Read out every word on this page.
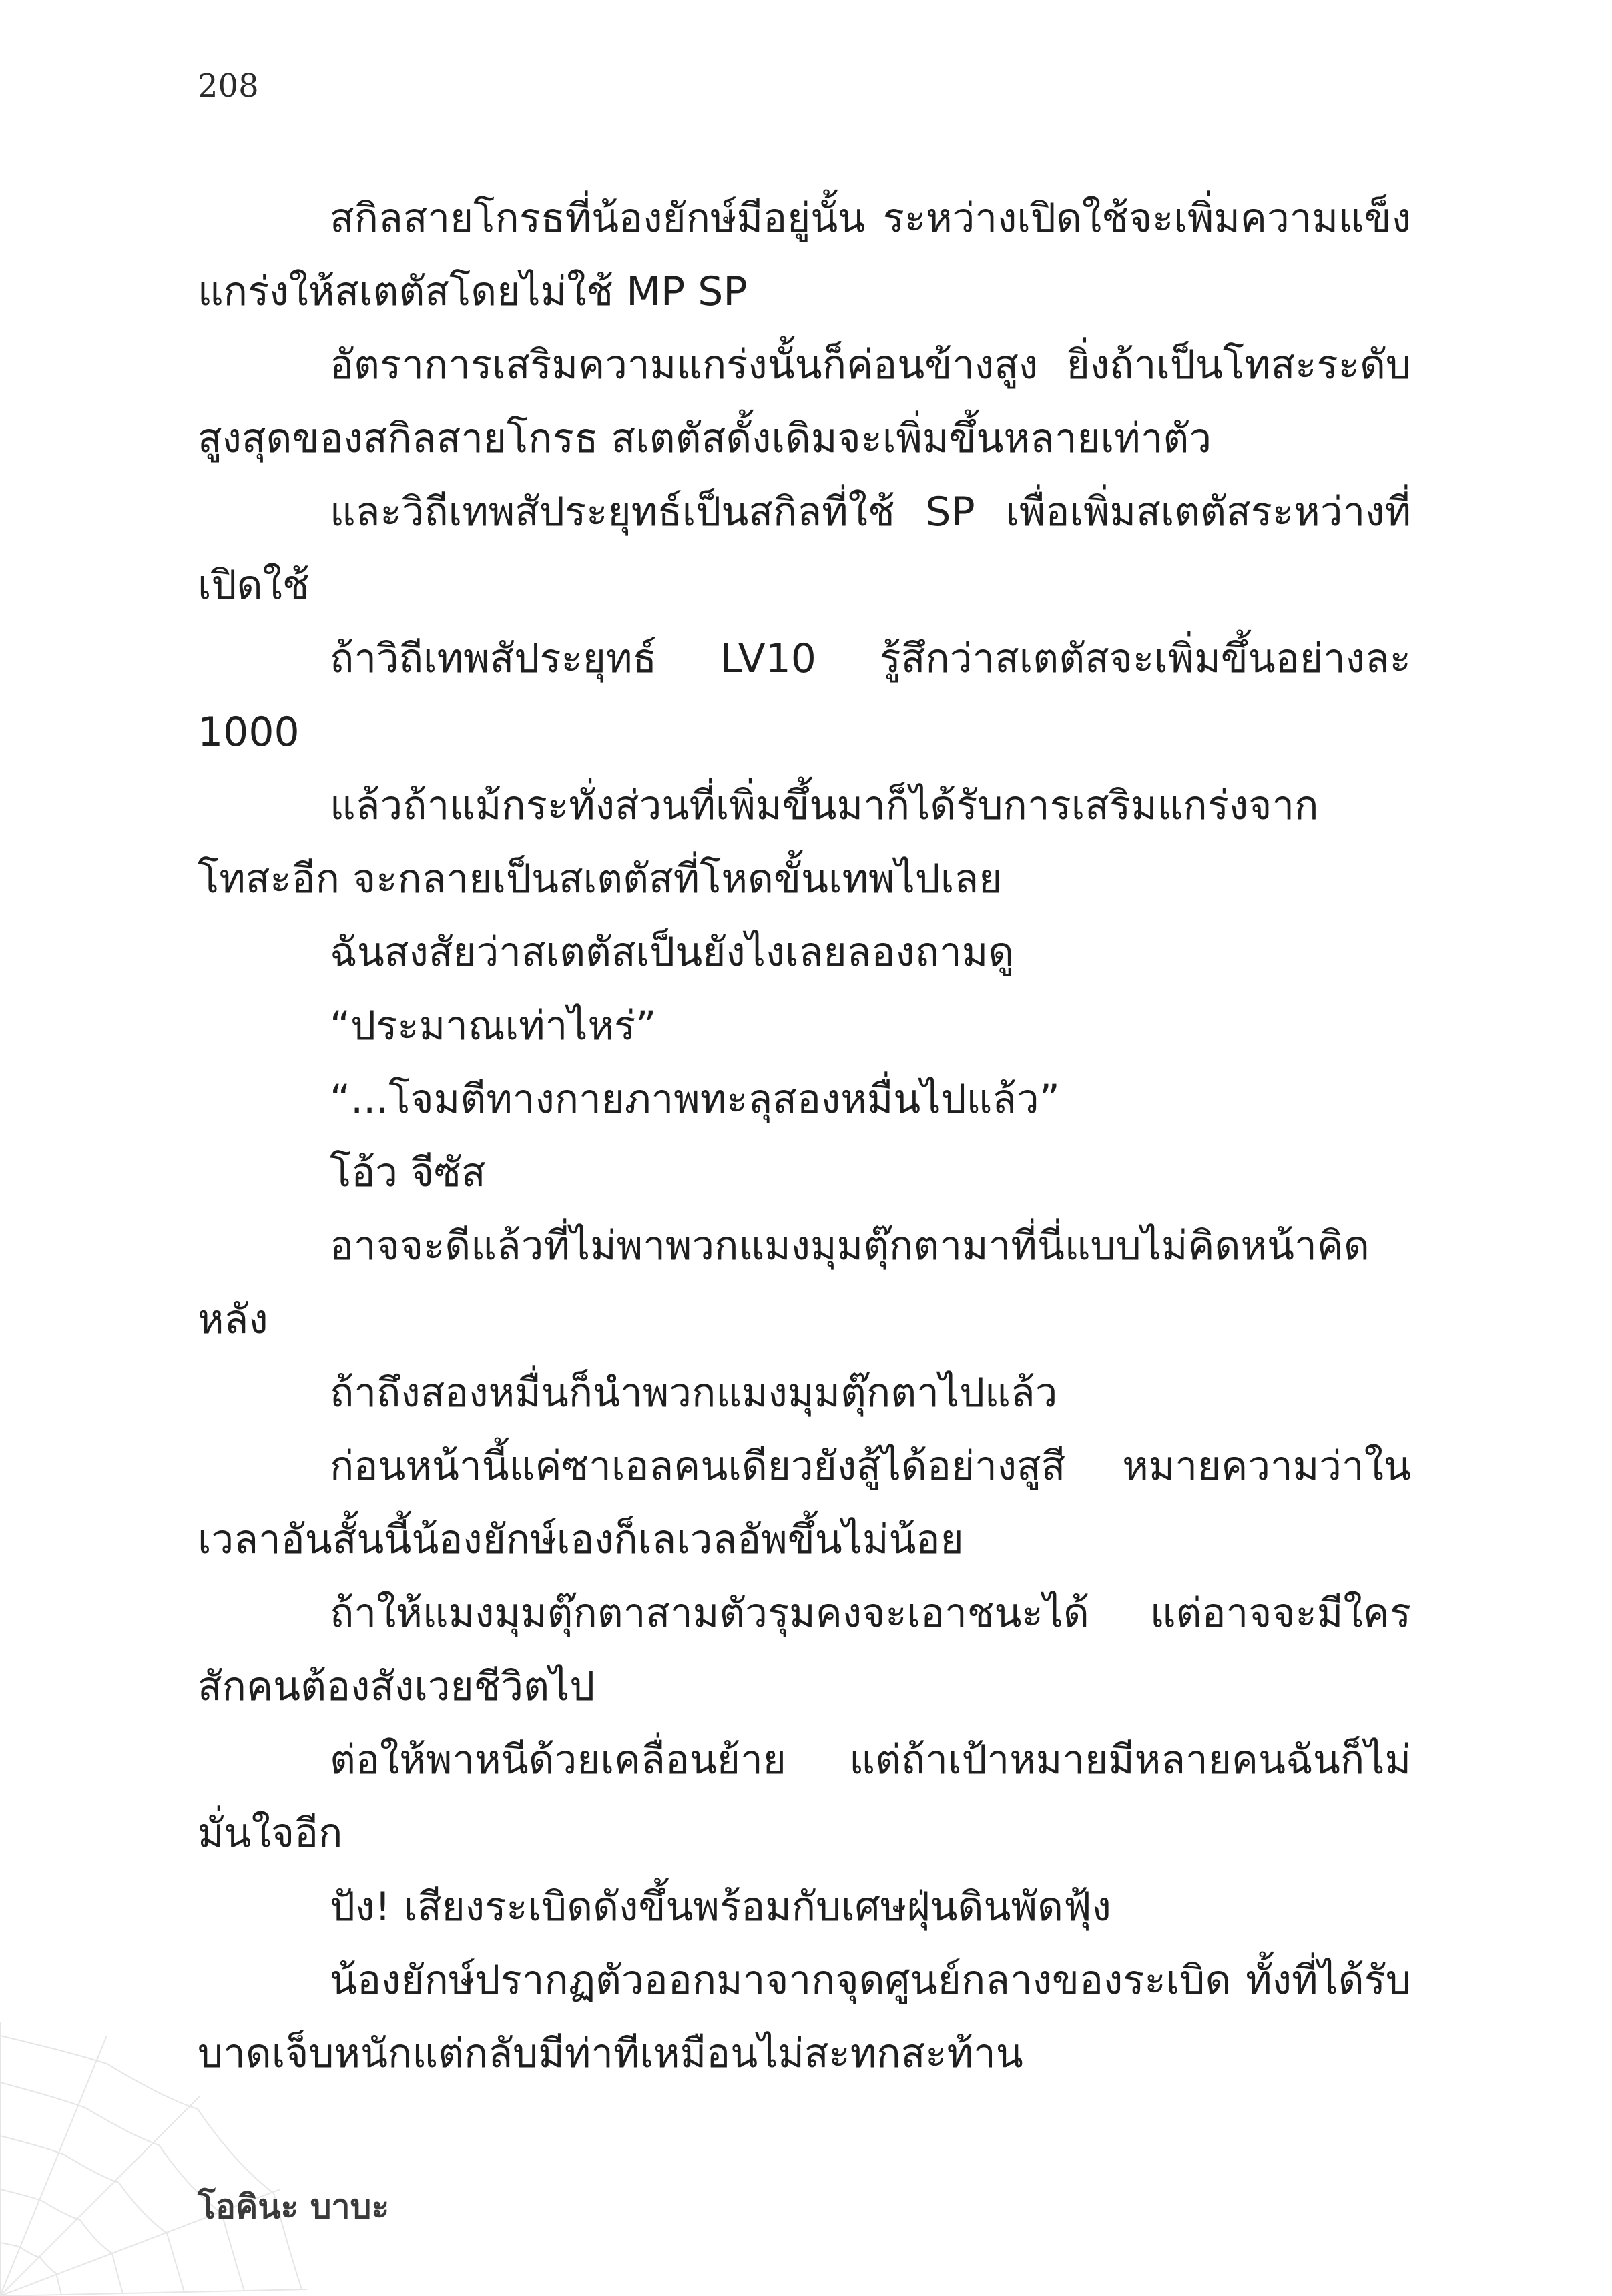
208

สกิลสายโกรธที่น้องยักษ์มีอยู่นั้น ระหว่างเปิดใช้จะเพิ่มความแข็งแกร่งให้สเตตัสโดยไม่ใช้ MP SP

อัตราการเสริมความแกร่งนั้นก็ค่อนข้างสูง ยิ่งถ้าเป็นโทสะระดับสูงสุดของสกิลสายโกรธ สเตตัสดั้งเดิมจะเพิ่มขึ้นหลายเท่าตัว

และวิถีเทพสัประยุทธ์เป็นสกิลที่ใช้ SP เพื่อเพิ่มสเตตัสระหว่างที่เปิดใช้

ถ้าวิถีเทพสัประยุทธ์ LV10 รู้สึกว่าสเตตัสจะเพิ่มขึ้นอย่างละ 1000

แล้วถ้าแม้กระทั่งส่วนที่เพิ่มขึ้นมาก็ได้รับการเสริมแกร่งจากโทสะอีก จะกลายเป็นสเตตัสที่โหดขั้นเทพไปเลย

ฉันสงสัยว่าสเตตัสเป็นยังไงเลยลองถามดู

“ประมาณเท่าไหร่”

“...โจมตีทางกายภาพทะลุสองหมื่นไปแล้ว”

โอ้ว จีซัส

อาจจะดีแล้วที่ไม่พาพวกแมงมุมตุ๊กตามาที่นี่แบบไม่คิดหน้าคิดหลัง

ถ้าถึงสองหมื่นก็นำพวกแมงมุมตุ๊กตาไปแล้ว

ก่อนหน้านี้แค่ซาเอลคนเดียวยังสู้ได้อย่างสูสี หมายความว่าในเวลาอันสั้นนี้น้องยักษ์เองก็เลเวลอัพขึ้นไม่น้อย

ถ้าให้แมงมุมตุ๊กตาสามตัวรุมคงจะเอาชนะได้ แต่อาจจะมีใครสักคนต้องสังเวยชีวิตไป

ต่อให้พาหนีด้วยเคลื่อนย้าย แต่ถ้าเป้าหมายมีหลายคนฉันก็ไม่มั่นใจอีก

ปัง! เสียงระเบิดดังขึ้นพร้อมกับเศษฝุ่นดินพัดฟุ้ง

น้องยักษ์ปรากฏตัวออกมาจากจุดศูนย์กลางของระเบิด ทั้งที่ได้รับบาดเจ็บหนักแต่กลับมีท่าทีเหมือนไม่สะทกสะท้าน

โอคินะ บาบะ
